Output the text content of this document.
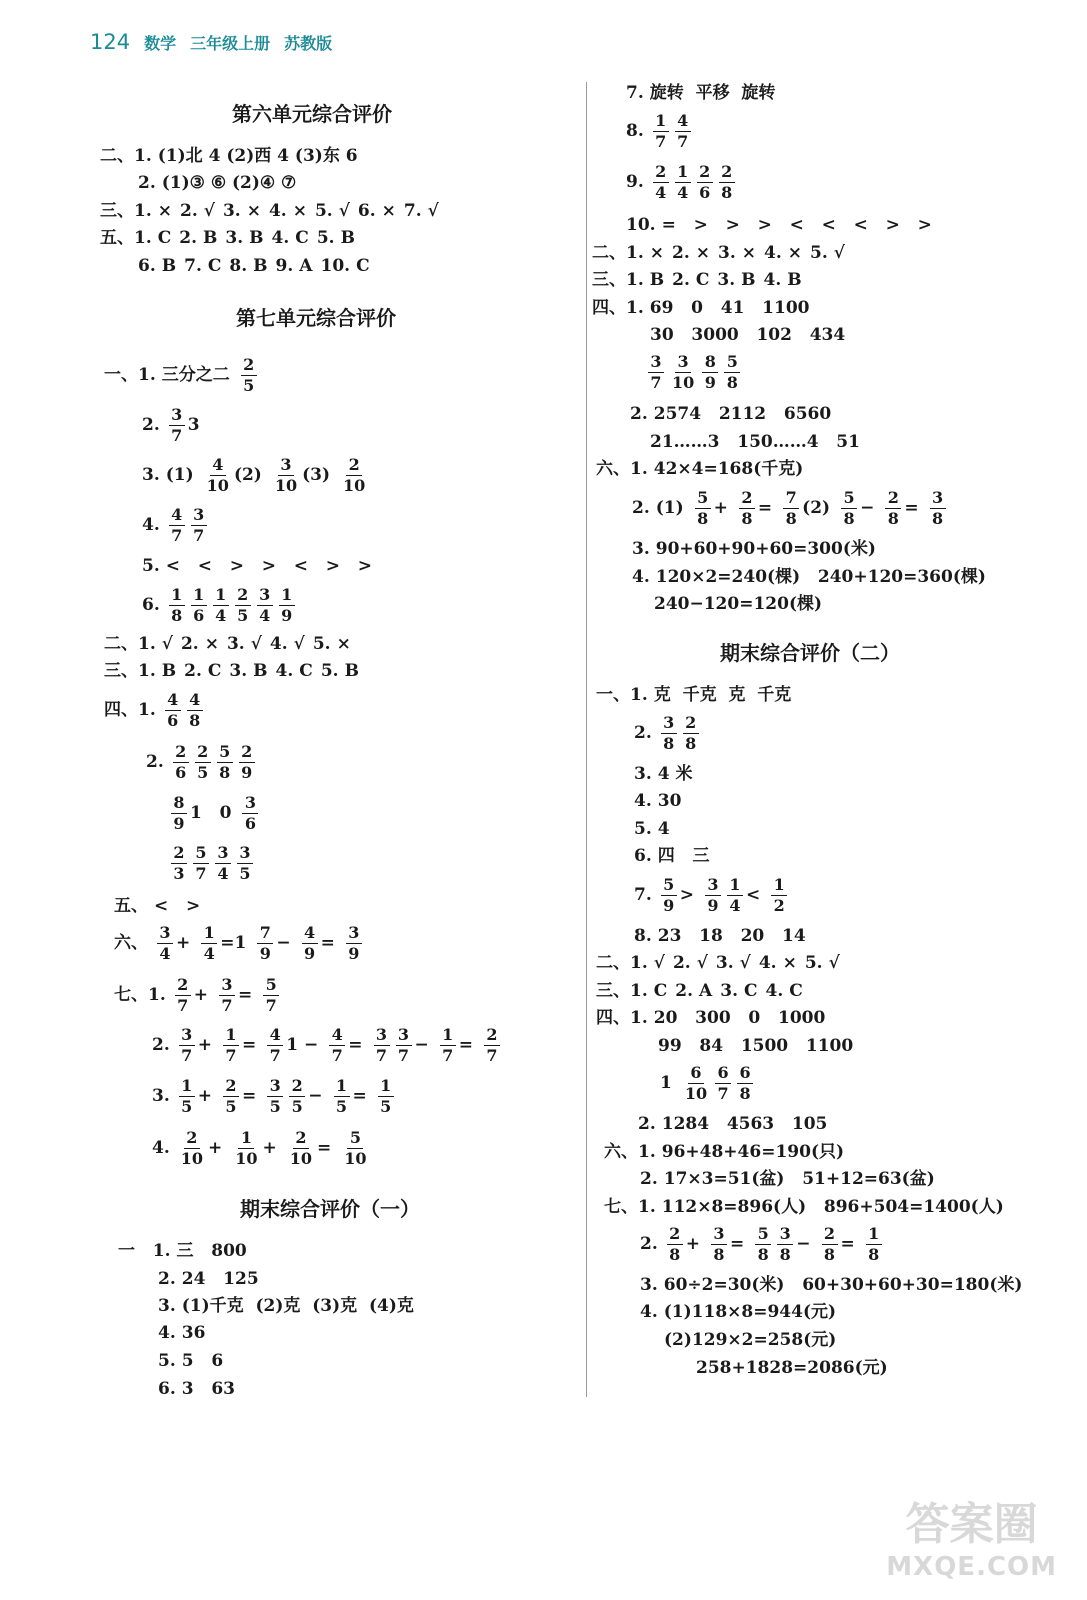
124 数学 三年级上册 苏教版
第六单元综合评价
二、1. (1)北 4 (2)西 4 (3)东 6
2. (1)③ ⑥ (2)④ ⑦
三、1. × 2. √ 3. × 4. × 5. √ 6. × 7. √
五、1. C 2. B 3. B 4. C 5. B
6. B 7. C 8. B 9. A 10. C
第七单元综合评价
一、1. 三分之二 $\frac{2}{5}$
2. $\frac{3}{7} 3$
3. $(1) \frac{4}{10} (2) \frac{3}{10} (3) \frac{2}{10}$
4. $\frac{4}{7} \frac{3}{7}$
5. <   <   >   >   <   >   >
6. $\frac{1}{8} \frac{1}{6} \frac{1}{4} \frac{2}{5} \frac{3}{4} \frac{1}{9}$
二、1. √ 2. × 3. √ 4. √ 5. ×
三、1. B 2. C 3. B 4. C 5. B
四、1. $\frac{4}{6} \frac{4}{8}$
2. $\frac{2}{6} \frac{2}{5} \frac{5}{8} \frac{2}{9}$
$\frac{8}{9} 1$   $0 \frac{3}{6}$
$\frac{2}{3} \frac{5}{7} \frac{3}{4} \frac{3}{5}$
五、 <   >
六、 $\frac{3}{4} + \frac{1}{4} =1 \frac{7}{9} - \frac{4}{9} = \frac{3}{9}$
七、1. $\frac{2}{7} + \frac{3}{7} = \frac{5}{7}$
2. $\frac{3}{7} + \frac{1}{7} = \frac{4}{7} 1 - \frac{4}{7} = \frac{3}{7} \frac{3}{7} - \frac{1}{7} = \frac{2}{7}$
3. $\frac{1}{5} + \frac{2}{5} = \frac{3}{5} \frac{2}{5} - \frac{1}{5} = \frac{1}{5}$
4. $\frac{2}{10} + \frac{1}{10} + \frac{2}{10} = \frac{5}{10}$
期末综合评价（一）
一   1. 三   800
2. 24   125
3. (1)千克  (2)克  (3)克  (4)克
4. 36
5. 5   6
6. 3   63
7. 旋转  平移  旋转
8. $\frac{1}{7} \frac{4}{7}$
9. $\frac{2}{4} \frac{1}{4} \frac{2}{6} \frac{2}{8}$
10. =   >   >   >   <   <   <   >   >
二、1. × 2. × 3. × 4. × 5. √
三、1. B 2. C 3. B 4. B
四、1. 69   0   41   1100
30   3000   102   434
$\frac{3}{7} \frac{3}{10} \frac{8}{9} \frac{5}{8}$
2. 2574   2112   6560
21……3   150……4   51
六、1. 42×4=168(千克)
2. $(1) \frac{5}{8} + \frac{2}{8} = \frac{7}{8} (2) \frac{5}{8} - \frac{2}{8} = \frac{3}{8}$
3. 90+60+90+60=300(米)
4. 120×2=240(棵)   240+120=360(棵)
240−120=120(棵)
期末综合评价（二）
一、1. 克  千克  克  千克
2. $\frac{3}{8} \frac{2}{8}$
3. 4 米
4. 30
5. 4
6. 四   三
7. $\frac{5}{9} > \frac{3}{9} \frac{1}{4} < \frac{1}{2}$
8. 23   18   20   14
二、1. √ 2. √ 3. √ 4. × 5. √
三、1. C 2. A 3. C 4. C
四、1. 20   300   0   1000
99   84   1500   1100
$1 \frac{6}{10} \frac{6}{7} \frac{6}{8}$
2. 1284   4563   105
六、1. 96+48+46=190(只)
2. 17×3=51(盆)   51+12=63(盆)
七、1. 112×8=896(人)   896+504=1400(人)
2. $\frac{2}{8} + \frac{3}{8} = \frac{5}{8} \frac{3}{8} - \frac{2}{8} = \frac{1}{8}$
3. 60÷2=30(米)   60+30+60+30=180(米)
4. (1)118×8=944(元)
(2)129×2=258(元)
258+1828=2086(元)
答案圈
MXQE.COM
